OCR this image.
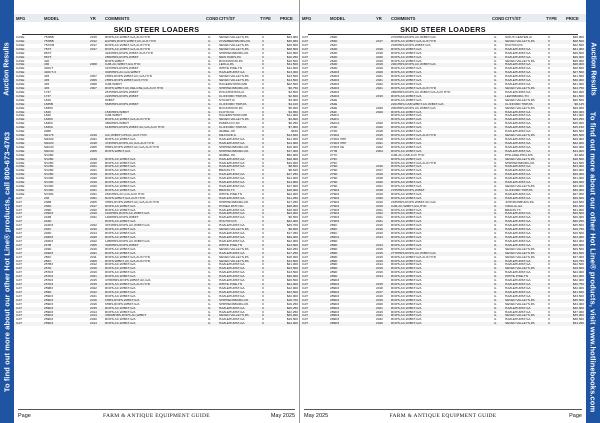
Auction Results
To find out more about our other Hot Line® products, call 800-673-4763
MFG	MODEL	YR COMMENTS	COND CITY/ST	TYPE PRICE
SKID STEER LOADERS
CASE	75XBB	2015	ROPS,AC,W/BKT,G/A,AUX HYD	G	SEVEN VALLEYS,PA	C	$23,960
CASE	75XBB	2012	E/2HRS,ROPS,W/BKT,AC,AUX HYD	G	CHAMBERSBURG,PA	C	$36,960
CASE	75XXM	2017	ROPS,AC,W/BKT,G/A,AUX HYD	G	SEVEN VALLEYS,PA	C	$46,500
CASE	75XT	2017	ROPS,AC,W/BKT,G/A,AUX HYD	G	SEVEN VALLEYS,PA	C	$28,500
CASE	85XT	3233HRS,ROPS,W/BKT,AUX HYD	G	SHIPPENSBURG,PA	C	$10,800
CASE	85XT	2556HRS,ROPS,W/BKT	G	NEW PARIS,PA	C	$16,250
CASE	420	ROPS,W/BKT	G	ROCKWOOD,PA	C	$10,500
CASE	430	2008	CAB,AC,W/BKT,G/A,HYD	G	LEOLA,PA	C	$11,500
CASE	440CT	3270HRS,ROPS,W/BKT	G	WHITE PINE,TN	C	$11,500
CASE	440CT-3	3025HRS,AC,G/A,W/BKT	G	HAZLEHURST,GA	C	$13,000
CASE	445	2007	2HRS,ROPS,W/BKT,AC,G/A,HYD	G	SEVEN VALLEYS,PA	C	$13,500
CASE	445	2006	2HRS,ROPS,W/BKT,AUX,HYD	G	SEVEN VALLEYS,PA	C	$14,500
CASE	445	2008	CAB,W/BKT	G	HAGERSTOWN,MD	C	$22,500
CASE	445	2007	ROPS,W/BKT,AC,DELUXE,G/A,AUX HYD	G	SHIPPENSBURG,PA	C	$6,750
CASE	1737	2675HRS,ROPS,W/BKT	G	POCAHONTAS,IA	C	$3,500
CASE	1737	2225HRS,ROPS,W/BKT	G	CLIFFORD TWP,PA	C	$2,600
CASE	1816	W/BKT	G	STUART,IA	C	$3,000
CASE	1835B	5635HRS,ROPS,W/BKT	G	CLIFFORD TWP,PA	C	$4,100
CASE	1835C	G	ROCKWOOD,PA	C	$5,000
CASE	1840	1530HRS,W/BKT	G	FLOYD,VA	C	$4,650
CASE	1840	CAB,W/BKT	G	HAGERSTOWN,MD	C	$11,000
CASE	1845C	ROPS,AC,W/BKT,G/A,AUX HYD	G	SEVEN VALLEYS,PA	C	$4,900
CASE	1845C	4500HRS,W/BKT	G	PAMPLICO,SC	C	$6,250
CASE	1845C	6138HRS,ROPS,W/BKT,AC,G/A,AUX HYD	G	CLIFFORD TWP,PA	C	$7,900
CASE	2068	G	IDABEL,OK	C	$150
CASE	SR175	2019	A/C,W/BKT,CPS,FL,AUX HYD	G	MILFORD,IL	C	$13,600
CASE	SR200	2021	ROPS,AC,W/BKT,G/A	G	HAZLEHURST,GA	C	$11,000
CASE	SR220	2018	4725HRS,ROPS,AC,G/A,AUX HYD	G	HAZLEHURST,GA	C	$14,000
CASE	SR240	2006	8HRS,ROPS,W/BKT,AC,G/A,AUX HYD	G	SHIPPENSBURG,PA	C	$16,000
CASE	SR240	2005	ROPS,W/BKT,G/A	G	SHIPPENSBURG,PA	C	$17,000
CASE	SV280	G	IDABEL,OK	C	$52,000
CASE	SV280	2019	ROPS,AC,W/BKT,G/A	G	HAZLEHURST,GA	C	$18,000
CASE	SV280	2020	ROPS,AC,W/BKT,G/A	G	HAZLEHURST,GA	C	$19,000
CASE	SV280	2021	ROPS,AC,W/BKT,G/A	G	HAZLEHURST,GA	C	$8,500
CASE	SV280	2021	ROPS,AC,W/BKT,G/A	G	BRANN,TX	C	$8,625
CASE	SV280	2019	ROPS,AC,W/BKT,G/A	G	HAZLEHURST,GA	C	$17,250
CASE	SV280	2020	ROPS,AC,W/BKT,G/A	G	HAZLEHURST,GA	C	$11,000
CASE	SV300	2019	ROPS,AC,W/BKT,G/A	G	HAZLEHURST,GA	C	$14,800
CASE	SV300	2020	ROPS,AC,W/BKT,G/A	G	HAZLEHURST,GA	C	$17,000
CASE	SV300	2021	ROPS,AC,W/BKT,G/A	G	BRANN,TX	C	$18,000
CASE	SV300	2021	2631HRS,AC,G/A,AUX HYD	G	WHITE PINE,TN	C	$24,000
CAT	236	2001	ROPS,W/BKT,G/A,AUX HYD	G	HAZLEHURST,GA	C	$11,250
CAT	236B	2005	3HRS,ROPS,W/BKT,AC,G/A,AUX HYD	G	SHIPPENSBURG,PA	C	$17,250
CAT	236D	2017	ROPS,AC,W/BKT,G/A	G	HONEA PATH,SC	C	$28,000
CAT	239D	2020	ROPS,AC,W/BKT,G/A	G	HAZLEHURST,GA	C	$18,000
CAT	239D3	2019	1160HRS,ROPS,AC,W/BKT,G/A	G	HAZLEHURST,GA	C	$23,000
CAT	242B	2021	1408HRS,ROPS,W/BKT	G	HAZLEHURST,GA	C	$6,500
CAT	242D	ROPS,AC,W/BKT,G/A	G	HOLTON,KS	C	$22,000
CAT	242D3	2022	3074HRS,ROPS,AC,W/BKT,G/A	G	HAZLEHURST,GA	C	$25,700
CAT	246C	2010	ROPS,AC,W/BKT,G/A	G	SEVEN VALLEYS,PA	C	$9,600
CAT	246D	2014	ROPS,AC,W/BKT,G/A	G	HAZLEHURST,GA	C	$17,250
CAT	246D3	2020	ROPS,AC,W/BKT,G/A	G	HAZLEHURST,GA	C	$29,000
CAT	246D3	2022	1288HRS,ROPS,AC,W/BKT,G/A	G	HAZLEHURST,GA	C	$22,000
CAT	247B	2005	3045HRS,ROPS,W/BKT	G	WHITE PINE,TN	C	$14,500
CAT	249D	2016	ROPS,AC,W/BKT,G/A	G	SEVEN VALLEYS,PA	C	$16,250
CAT	249D3	2021	ROPS,AC,W/BKT,G/A	G	HAZLEHURST,GA	C	$17,250
CAT	256C	2011	ROPS,AC,W/BKT,G/A,AUX HYD	G	SEVEN VALLEYS,PA	C	$18,000
CAT	256C	2009	ROPS,W/BKT,AC,G/A,AUX HYD	G	SEVEN VALLEYS,PA	C	$14,500
CAT	257B3	2012	ROPS,AC,W/BKT,G/A	G	HAZLEHURST,GA	C	$21,000
CAT	257D	2016	ROPS,AC,W/BKT,G/A	G	HAZLEHURST,GA	C	$24,500
CAT	257D3	2019	ROPS,AC,W/BKT,G/A	G	HAZLEHURST,GA	C	$13,500
CAT	257D3	2021	ROPS,AC,W/BKT,G/A	G	HAZLEHURST,GA	C	$30,000
CAT	257D3	2015	3/788HRS,ROPS,W/BKT,AC,G/A	G	HAZLEHURST,GA	C	$26,500
CAT	257D3	2015	ROPS,AC,W/BKT,G/A,AUX HYD	G	WHITE PINE,TN	C	$24,000
CAT	259B3	2022	ROPS,AC,W/BKT,G/A	G	HAZLEHURST,GA	C	$12,000
CAT	259D	2012	ROPS,AC,W/BKT,G/A	G	HAZLEHURST,GA	C	$23,500
CAT	259D3	2021	ROPS,AC,W/BKT,G/A	G	HAZLEHURST,GA	C	$32,000
CAT	259D3	2016	6HRS,ROPS,W/BKT,G/A	G	SHIPPENSBURG,PA	C	$18,700
CAT	259D3	2016	6HRS,ROPS,W/BKT,G/A	G	SHIPPENSBURG,PA	C	$19,250
CAT	259D3	2015	ROPS,AC,W/BKT,G/A	G	HAZLEHURST,GA	C	$26,250
CAT	259D3	2014	ROPS,AC,W/BKT,G/A	G	HAZLEHURST,GA	C	$22,250
CAT	259D3	2014	3/6098HRS,ROPS,AC,W/BKT	G	SEVEN VALLEYS,PA	C	$25,000
CAT	259D3	2020	ROPS,AC,W/BKT,G/A	G	HAZLEHURST,GA	C	$19,500
CAT	259D3	2014	ROPS,AC,W/BKT,G/A	G	HAZLEHURST,GA	C	$24,000
Page	FARM & ANTIQUE EQUIPMENT GUIDE	May 2025
MFG	MODEL	YR COMMENTS	COND CITY/ST	TYPE PRICE
SKID STEER LOADERS
CAT	259D	2703HRS,ROPS,AC,W/BKT,G/A	G	SIOUX CENTER,IA	C	$20,000
CAT	259D	2017	ROPS,AC,W/BKT,G/A,AUX HYD	G	SEVEN VALLEYS,PA	C	$28,500
CAT	262C	2330HRS,ROPS,W/BKT,G/A	G	HOLTON,KS	C	$22,500
CAT	262D	2019	ROPS,AC,W/BKT,G/A	G	HAZLEHURST,GA	C	$31,000
CAT	262D	2018	ROPS,AC,W/BKT,G/A	G	HAZLEHURST,GA	C	$26,500
CAT	262D	2020	ROPS,AC,W/BKT,G/A	G	HAZLEHURST,GA	C	$26,000
CAT	262D	2019	ROPS,AC,W/BKT,G/A	G	SEVEN VALLEYS,PA	C	$25,000
CAT	262D	2019	2001HRS,ROPS,AC,W/BKT,G/A	G	HAZLEHURST,GA	C	$28,000
CAT	262D	2019	ROPS,AC,W/BKT,G/A	G	HAZLEHURST,GA	C	$20,500
CAT	262D3	2020	ROPS,AC,W/BKT,G/A	G	HAZLEHURST,GA	C	$27,500
CAT	262D3	2021	ROPS,AC,W/BKT,G/A	G	HAZLEHURST,GA	C	$21,500
CAT	262D3	2021	ROPS,AC,W/BKT,G/A	G	HAZLEHURST,GA	C	$30,000
CAT	262D3	2022	ROPS,AC,W/BKT,G/A	G	HAZLEHURST,GA	C	$31,000
CAT	262D3	2021	ROPS,AC,W/BKT,G/A,AUX HYD	G	SEVEN VALLEYS,PA	C	$24,750
CAT	262D3	2860HRS,ROPS,AC,W/BKT,G/A,AUX HYD	G	HAZLEHURST,GA	C	$22,000
CAT	262D3	2019	ROPS,AC,W/BKT,G/A	G	LEWISBURG,TN	C	$21,500
CAT	262E	ROPS,AC,W/BKT,G/A	G	SEVEN VALLEYS,PA	C	$20,500
CAT	262E	2221HRS,CAB,W/BKT,AC,W/BKT,G/A	G	CLIFFORD TWP,PA	C	$8,125
CAT	262E	2020	2003HRS,ROPS,AC,W/BKT,G/A	G	SEVEN VALLEYS,PA	C	$29,000
CAT	262F	2020	ROPS,AC,W/BKT,G/A	G	HAZLEHURST,GA	C	$30,000
CAT	262F3	ROPS,AC,W/BKT,G/A	G	HAZLEHURST,GA	C	$31,000
CAT	262F3	ROPS,AC,W/BKT,G/A	G	HAZLEHURST,GA	C	$23,250
CAT	262G3	2020	ROPS,AC,W/BKT,G/A	G	HAZLEHURST,GA	C	$25,000
CAT	272D	2020	ROPS,AC,W/BKT,G/A	G	HAZLEHURST,GA	C	$15,150
CAT	272D	2018	ROPS,AC,W/BKT,G/A	G	HAZLEHURST,GA	C	$26,500
CAT	272D2	2015	ROPS,AC,W/BKT,G/A,AUX HYD	G	SEVEN VALLEYS,PA	C	$26,500
CAT	272D2 XHP	2016	ROPS,AC,W/BKT,G/A	G	HAZLEHURST,GA	C	$29,000
CAT	272D3 XHP	2021	ROPS,AC,W/BKT,G/A	G	HAZLEHURST,GA	C	$32,000
CAT	272D3 XE	2022	ROPS,AC,W/BKT,G/A	G	HAZLEHURST,GA	C	$26,000
CAT	277B	2004	ROPS,AC,W/BKT,G/A	G	HAZLEHURST,GA	C	$14,000
CAT	277C	CAB,AC,CAB,AUX HYD	G	PHILADELPHIA,MS	C	$4,600
CAT	279C	ROPS,AC,W/BKT,G/A	G	SEVEN VALLEYS,PA	C	$18,500
CAT	279C	ROPS,AC,W/BKT,G/A,AUX HYD	G	SHIPPENSBURG,PA	C	$14,500
CAT	279D	2016	ROPS,AC,W/BKT,G/A	G	HAZLEHURST,GA	C	$23,000
CAT	279D	2017	ROPS,AC,W/BKT,G/A	G	HAZLEHURST,GA	C	$23,000
CAT	279D	2019	ROPS,AC,W/BKT,G/A	G	HAZLEHURST,GA	C	$26,000
CAT	279D	2018	ROPS,AC,W/BKT,G/A	G	HAZLEHURST,GA	C	$31,000
CAT	279D	2020	ROPS,AC,W/BKT,G/A	G	HAZLEHURST,GA	C	$29,500
CAT	279D	2021	ROPS,AC,W/BKT,G/A	G	SEVEN VALLEYS,PA	C	$33,000
CAT	279D3	2018	2705HRS,ROPS,W/BKT	G	CLIFFORD TWP,PA	C	$30,000
CAT	279D3	2019	ROPS,AC,W/BKT,G/A	G	HAZLEHURST,GA	C	$27,000
CAT	279D3	2020	ROPS,AC,W/BKT,G/A	G	HAZLEHURST,GA	C	$26,500
CAT	279D3	2019	2185HRS,ROPS,W/BKT,AC,G/A	G	JOHNSONBURG,PA	C	$19,500
CAT	279D3	2019	CAB,AC,W/BKT,G/A,HYD	G	VIDALIA,GA	C	$32,500
CAT	279D3	2021	ROPS,AC,W/BKT,G/A	G	BRANN,TX	C	$31,000
CAT	279D3	2022	ROPS,AC,W/BKT,G/A	G	HAZLEHURST,GA	C	$26,500
CAT	279D3	2021	ROPS,AC,W/BKT,G/A	G	HAZLEHURST,GA	C	$26,000
CAT	279D3	2021	ROPS,AC,W/BKT,G/A	G	HAZLEHURST,GA	C	$30,250
CAT	289C	2016	ROPS,AC,W/BKT,G/A	G	HAZLEHURST,GA	C	$25,500
CAT	289C	2016	ROPS,AC,W/BKT,G/A	G	HAZLEHURST,GA	C	$16,750
CAT	289C	2010	ROPS,AC,W/BKT,G/A	G	HAZLEHURST,GA	C	$16,500
CAT	289C2	2013	ROPS,AC,W/BKT,G/A	G	HAZLEHURST,GA	C	$23,000
CAT	289D	ROPS,AC,W/BKT,G/A	G	HAZLEHURST,GA	C	$24,000
CAT	289D	2014	ROPS,AC,W/BKT,G/A	G	HAZLEHURST,GA	C	$28,500
CAT	289D	2016	ROPS,AC,W/BKT,G/A	G	SEVEN VALLEYS,PA	C	$29,500
CAT	289D	2015	2778HRS,ROPS,AC,W/BKT,G/A	G	SEVEN VALLEYS,PA	C	$24,500
CAT	289D	2016	ROPS,AC,W/BKT,G/A,AUX HYD	G	SEVEN VALLEYS,PA	C	$27,000
CAT	289D	2016	ROPS,AC,W/BKT,G/A	G	HAZLEHURST,GA	C	$19,750
CAT	289D	2014	ROPS,AC,W/BKT,G/A	G	HAZLEHURST,GA	C	$22,500
CAT	289D	2015	ROPS,AC,W/BKT,G/A	G	SEVEN VALLEYS,PA	C	$19,500
CAT	289D	2019	ROPS,AC,W/BKT,G/A	G	HAZLEHURST,GA	C	$24,000
CAT	289D	2014	ROPS,AC,W/BKT,G/A	G	WHITE PINE,TN	C	$24,000
CAT	289D3	ROPS,AC,W/BKT,G/A	G	HAZLEHURST,GA	C	$32,000
CAT	289D3	2015	ROPS,AC,W/BKT,G/A	G	HAZLEHURST,GA	C	$30,750
CAT	289D3	2018	ROPS,AC,W/BKT,G/A	G	HAZLEHURST,GA	C	$32,000
CAT	289D3	2017	ROPS,AC,W/BKT,G/A	G	HAZLEHURST,GA	C	$31,500
CAT	289D3	2019	ROPS,AC,W/BKT,G/A	G	HAZLEHURST,GA	C	$33,500
CAT	289D3	2019	ROPS,AC,W/BKT,G/A	G	SEVEN VALLEYS,PA	C	$35,500
CAT	289D3	2020	ROPS,AC,W/BKT,G/A	G	SEVEN VALLEYS,PA	C	$34,000
CAT	289D3	2021	ROPS,AC,W/BKT,G/A	G	HAZLEHURST,GA	C	$36,500
CAT	289D3	2019	ROPS,AC,W/BKT,G/A	G	HAZLEHURST,GA	C	$37,000
CAT	289D3	2021	ROPS,AC,W/BKT,G/A	G	SEVEN VALLEYS,PA	C	$35,000
CAT	289D3	2022	ROPS,AC,W/BKT,G/A	G	HAZLEHURST,GA	C	$38,500
CAT	289D3	2020	ROPS,AC,W/BKT,G/A	G	SEVEN VALLEYS,PA	C	$34,250
May 2025	FARM & ANTIQUE EQUIPMENT GUIDE	Page
Auction Results
To find out more about our other Hot Line® products, visit www.hotlinebooks.com
